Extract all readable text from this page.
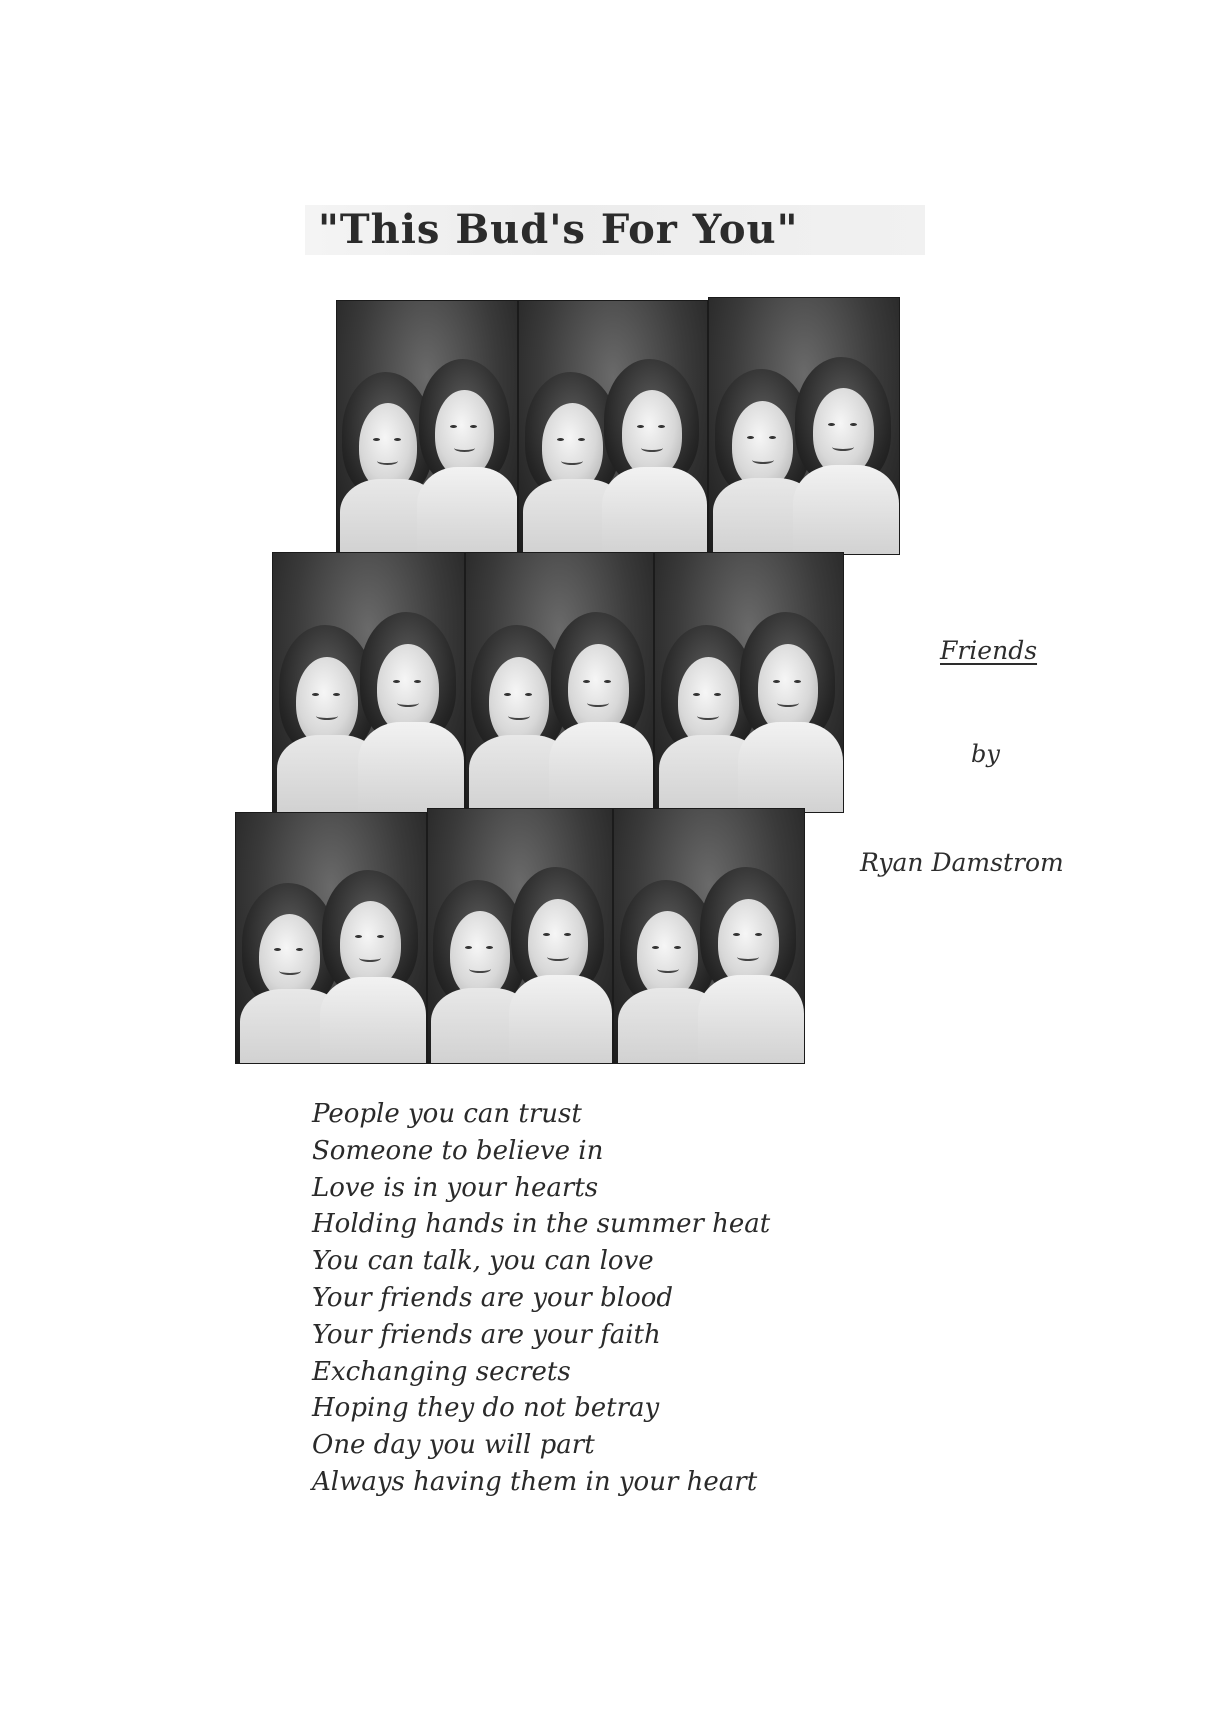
"This Bud's For You"
Friends
by
Ryan Damstrom
People you can trust
Someone to believe in
Love is in your hearts
Holding hands in the summer heat
You can talk, you can love
Your friends are your blood
Your friends are your faith
Exchanging secrets
Hoping they do not betray
One day you will part
Always having them in your heart
